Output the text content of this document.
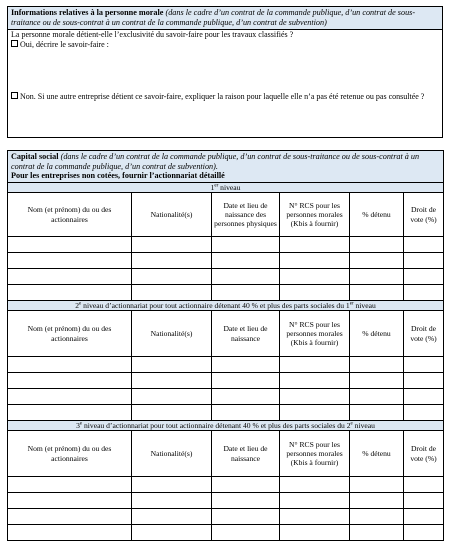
Informations relatives à la personne morale (dans le cadre d’un contrat de la commande publique, d’un contrat de sous-traitance ou de sous-contrat à un contrat de la commande publique, d’un contrat de subvention)

La personne morale détient-elle l’exclusivité du savoir-faire pour les travaux classifiés ?
Oui, décrire le savoir-faire :
Non. Si une autre entreprise détient ce savoir-faire, expliquer la raison pour laquelle elle n’a pas été retenue ou pas consultée ?
Capital social (dans le cadre d’un contrat de la commande publique, d’un contrat de sous-traitance ou de sous-contrat à un contrat de la commande publique, d’un contrat de subvention).
Pour les entreprises non cotées, fournir l’actionnariat détaillé					
1er niveau					
Nom (et prénom) du ou des actionnaires	Nationalité(s)	Date et lieu de naissance des personnes physiques	N° RCS pour les personnes morales (Kbis à fournir)	% détenu	Droit de vote (%)

2e niveau d’actionnariat pour tout actionnaire détenant 40 % et plus des parts sociales du 1er niveau					
Nom (et prénom) du ou des actionnaires	Nationalité(s)	Date et lieu de naissance	N° RCS pour les personnes morales (Kbis à fournir)	% détenu	Droit de vote (%)

3e niveau d’actionnariat pour tout actionnaire détenant 40 % et plus des parts sociales du 2e niveau					
Nom (et prénom) du ou des actionnaires	Nationalité(s)	Date et lieu de naissance	N° RCS pour les personnes morales (Kbis à fournir)	% détenu	Droit de vote (%)
